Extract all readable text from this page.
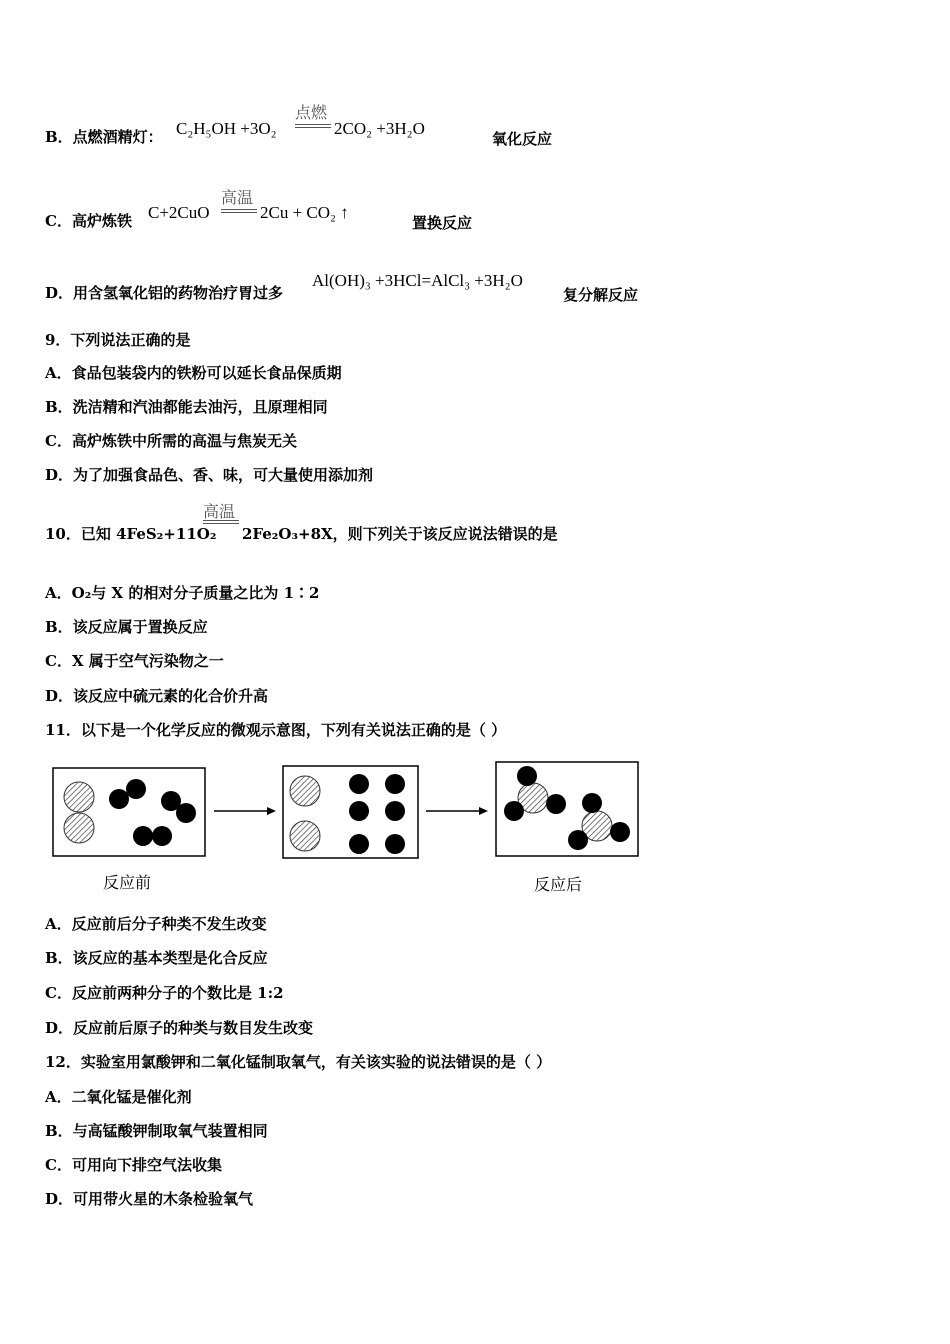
B．点燃酒精灯： C₂H₅OH +3O₂
点燃
2CO₂ +3H₂O
氧化反应
C．高炉炼铁 C+2CuO
高温
2Cu + CO₂ ↑
置换反应
D．用含氢氧化铝的药物治疗胃过多
Al(OH)₃ +3HCl=AlCl₃ +3H₂O
复分解反应
9．下列说法正确的是
A．食品包装袋内的铁粉可以延长食品保质期
B．洗洁精和汽油都能去油污，且原理相同
C．高炉炼铁中所需的高温与焦炭无关
D．为了加强食品色、香、味，可大量使用添加剂
10．已知 4FeS₂+11O₂
高温
2Fe₂O₃+8X，则下列关于该反应说法错误的是
A．O₂与 X 的相对分子质量之比为 1∶2
B．该反应属于置换反应
C．X 属于空气污染物之一
D．该反应中硫元素的化合价升高
11．以下是一个化学反应的微观示意图，下列有关说法正确的是（ ）
反应前	反应后
A．反应前后分子种类不发生改变
B．该反应的基本类型是化合反应
C．反应前两种分子的个数比是 1:2
D．反应前后原子的种类与数目发生改变
12．实验室用氯酸钾和二氧化锰制取氧气，有关该实验的说法错误的是（ ）
A．二氧化锰是催化剂
B．与高锰酸钾制取氧气装置相同
C．可用向下排空气法收集
D．可用带火星的木条检验氧气
